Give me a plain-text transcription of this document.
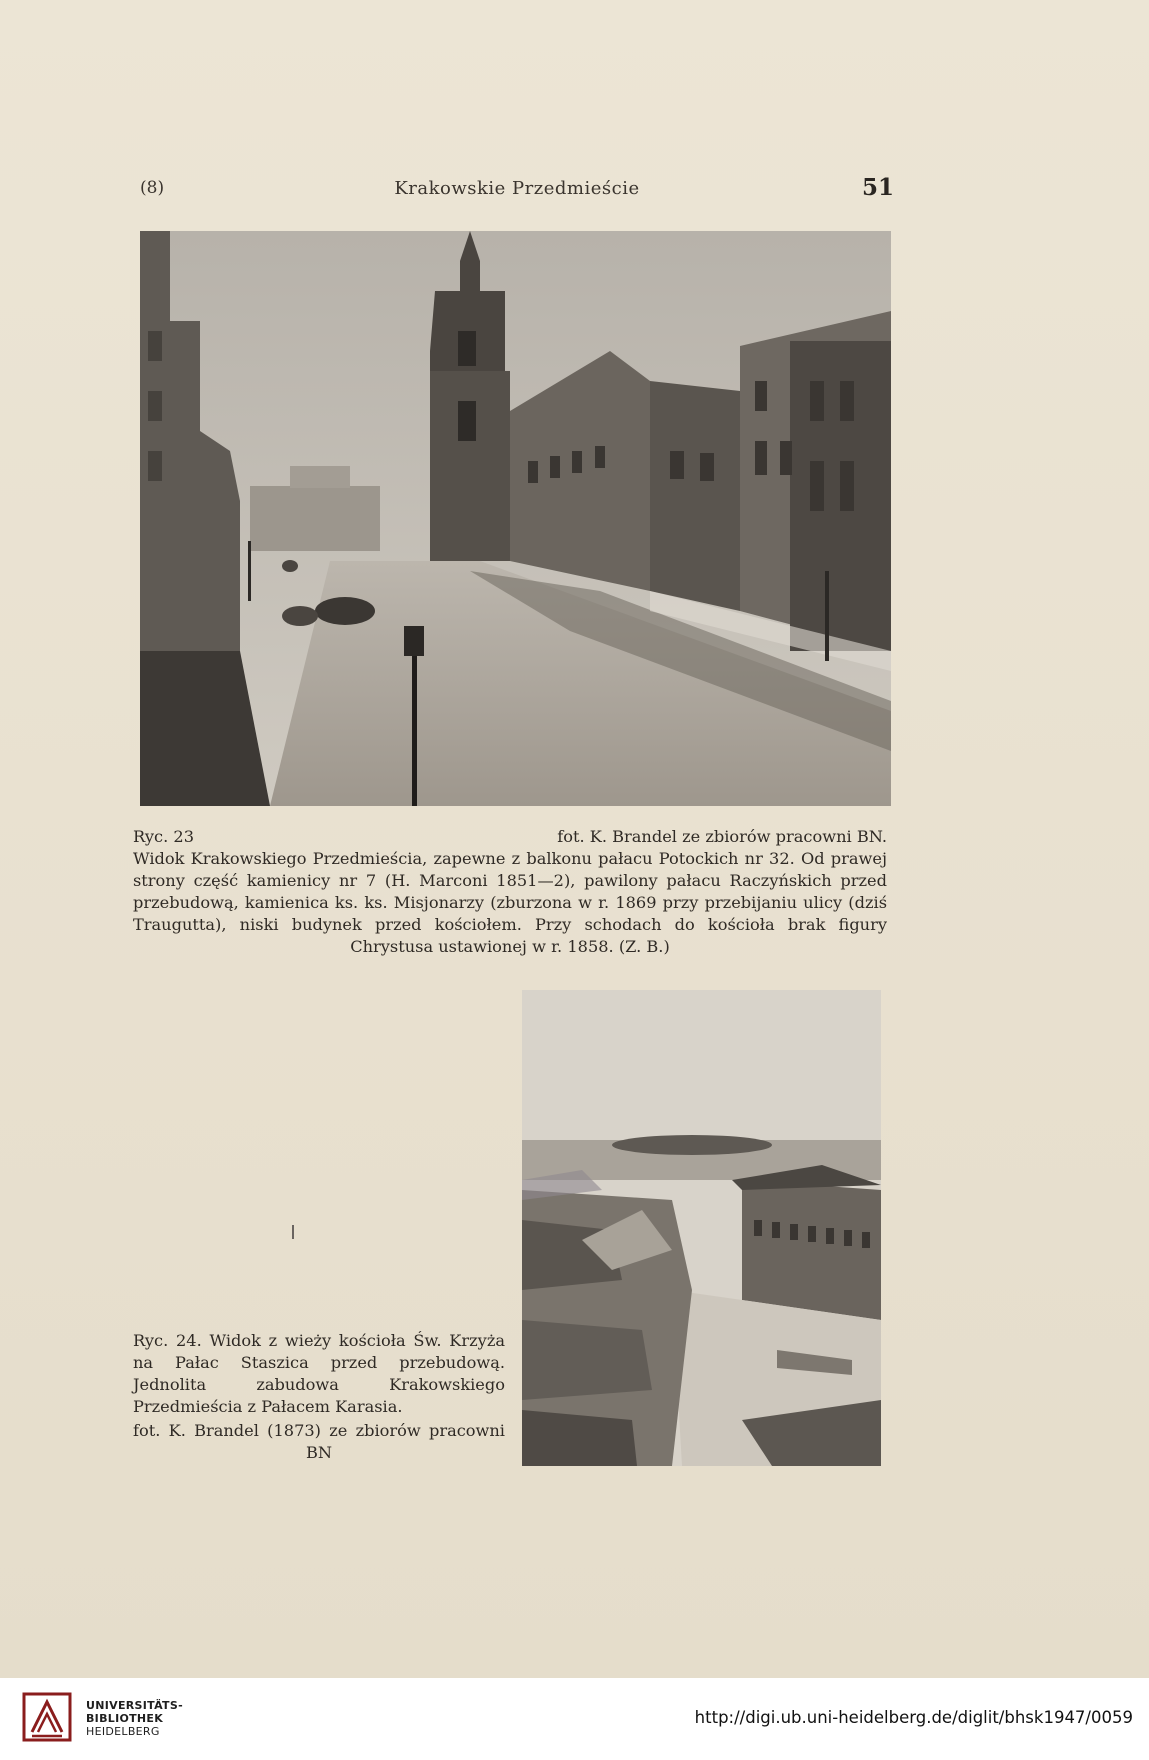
(8)	Krakowskie Przedmieście	51
Ryc. 23	fot. K. Brandel ze zbiorów pracowni BN.
Widok Krakowskiego Przedmieścia, zapewne z balkonu pałacu Potockich nr 32. Od prawej strony część kamienicy nr 7 (H. Marconi 1851—2), pawilony pałacu Raczyńskich przed przebudową, kamienica ks. ks. Misjonarzy (zburzona w r. 1869 przy przebijaniu ulicy (dziś Traugutta), niski budynek przed kościołem. Przy schodach do kościoła brak figury Chrystusa ustawionej w r. 1858. (Z. B.)
Ryc. 24. Widok z wieży kościoła Św. Krzyża na Pałac Staszica przed przebudową. Jednolita zabudowa Krakowskiego Przedmieścia z Pałacem Karasia.
fot. K. Brandel (1873) ze zbiorów pracowni BN
UNIVERSITÄTS-
BIBLIOTHEK
HEIDELBERG
http://digi.ub.uni-heidelberg.de/diglit/bhsk1947/0059
